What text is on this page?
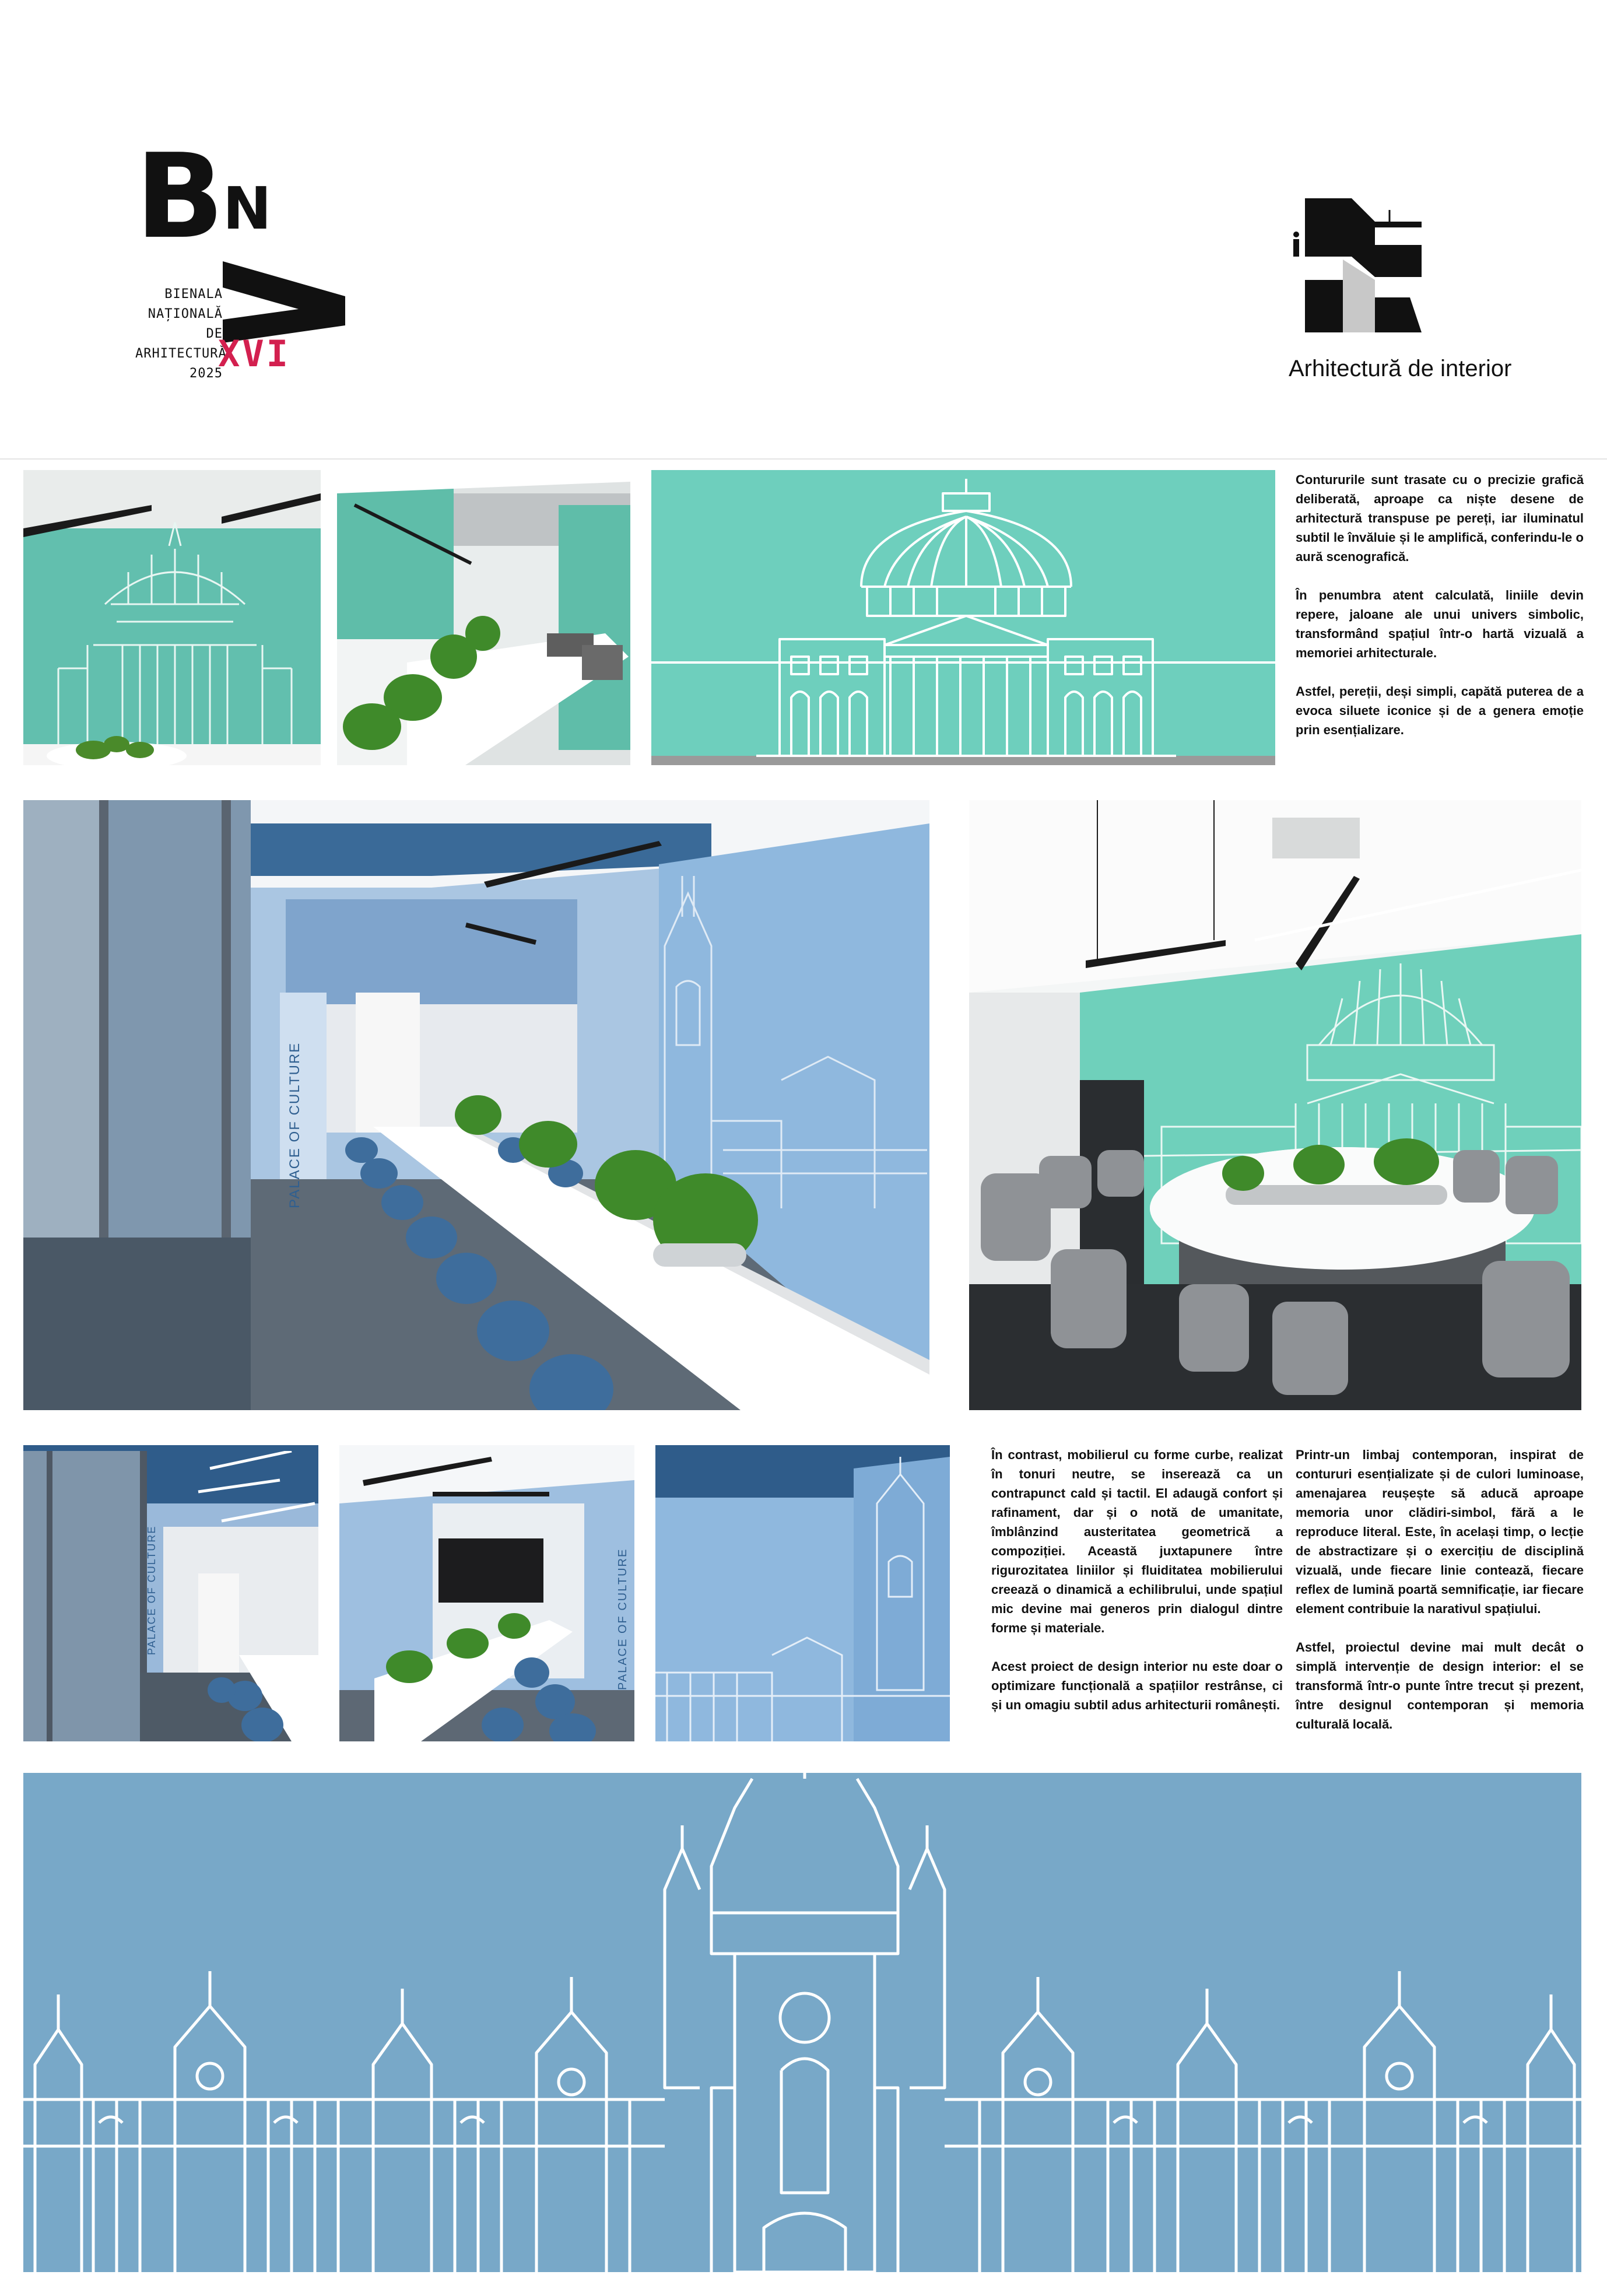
B N
BIENALA
NAȚIONALĂ
DE
ARHITECTURĂ
2025
XVI	Arhitectură de interior

Contururile sunt trasate cu o precizie grafică deliberată, aproape ca niște desene de arhitectură transpuse pe pereți, iar iluminatul subtil le învăluie și le amplifică, conferindu-le o aură scenografică.

În penumbra atent calculată, liniile devin repere, jaloane ale unui univers simbolic, transformând spațiul într-o hartă vizuală a memoriei arhitecturale.

Astfel, pereții, deși simpli, capătă puterea de a evoca siluete iconice și de a genera emoție prin esențializare.

PALACE OF CULTURE
PALACE OF CULTURE	PALACE OF CULTURE

În contrast, mobilierul cu forme curbe, realizat în tonuri neutre, se inserează ca un contrapunct cald și tactil. El adaugă confort și rafinament, dar și o notă de umanitate, îmblânzind austeritatea geometrică a compoziției. Această juxtapunere între rigurozitatea liniilor și fluiditatea mobilierului creează o dinamică a echilibrului, unde spațiul mic devine mai generos prin dialogul dintre forme și materiale.

Acest proiect de design interior nu este doar o optimizare funcțională a spațiilor restrânse, ci și un omagiu subtil adus arhitecturii românești.

Printr-un limbaj contemporan, inspirat de contururi esențializate și de culori luminoase, amenajarea reușește să aducă aproape memoria unor clădiri-simbol, fără a le reproduce literal. Este, în același timp, o lecție de abstractizare și o exercițiu de disciplină vizuală, unde fiecare linie contează, fiecare reflex de lumină poartă semnificație, iar fiecare element contribuie la narativul spațiului.

Astfel, proiectul devine mai mult decât o simplă intervenție de design interior: el se transformă într-o punte între trecut și prezent, între designul contemporan și memoria culturală locală.
